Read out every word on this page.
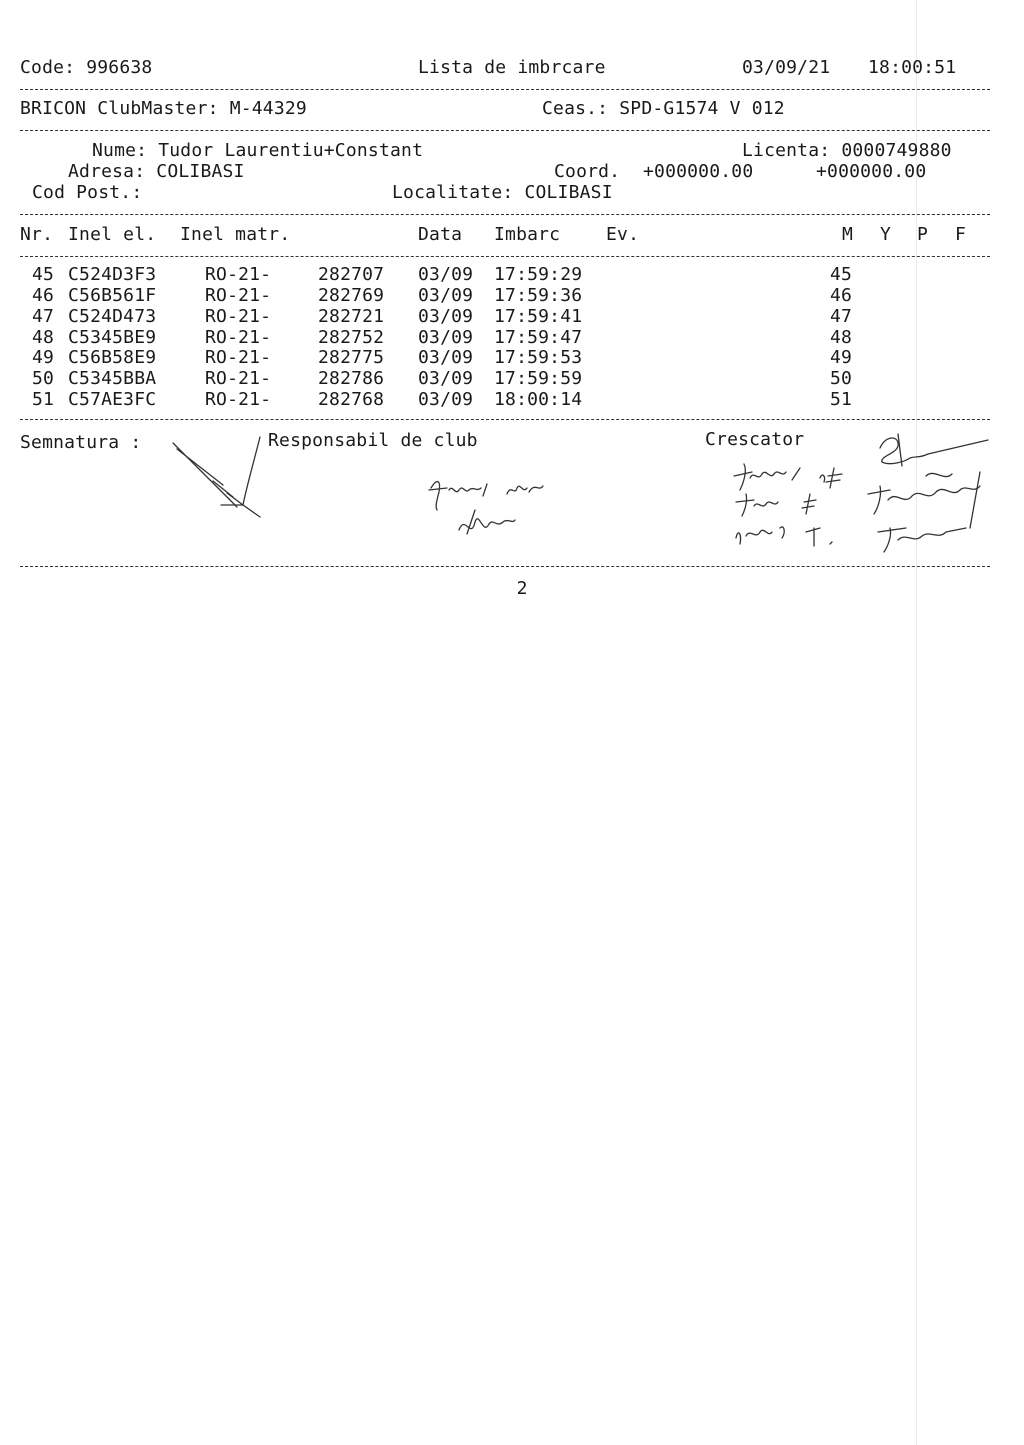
Code: 996638	Lista de imbrcare	03/09/21 18:00:51
BRICON ClubMaster: M-44329	Ceas.: SPD-G1574 V 012
Nume: Tudor Laurentiu+Constant	Licenta: 0000749880
Adresa: COLIBASI	Coord. +000000.00	+000000.00
Cod Post.:	Localitate: COLIBASI
Nr. Inel el. Inel matr.	Data Imbarc	Ev.	M Y P F
45 C524D3F3	RO-21-	282707 03/09 17:59:29	45
46 C56B561F	RO-21-	282769 03/09 17:59:36	46
47 C524D473	RO-21-	282721 03/09 17:59:41	47
48 C5345BE9	RO-21-	282752 03/09 17:59:47	48
49 C56B58E9	RO-21-	282775 03/09 17:59:53	49
50 C5345BBA	RO-21-	282786 03/09 17:59:59	50
51 C57AE3FC	RO-21-	282768 03/09 18:00:14	51
Semnatura :	Responsabil de club	Crescator
2
